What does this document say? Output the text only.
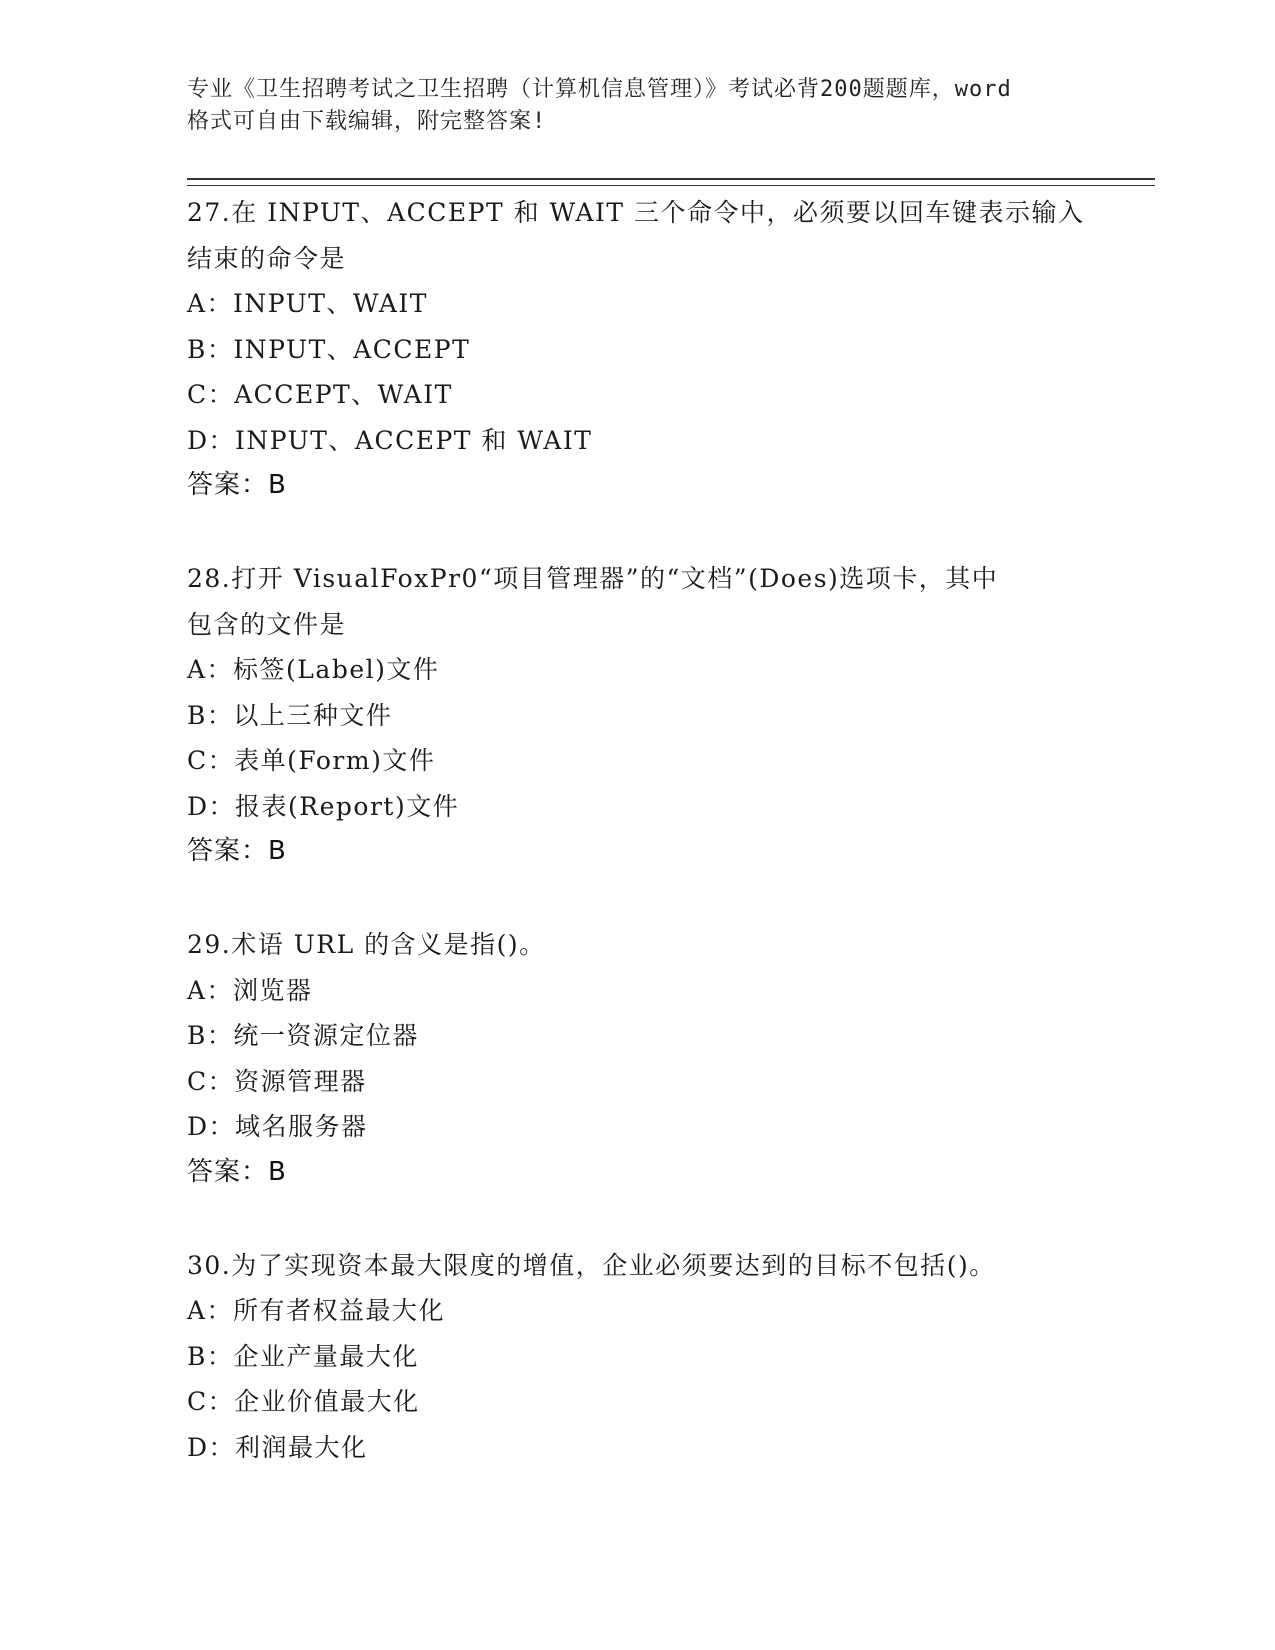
专业《卫生招聘考试之卫生招聘（计算机信息管理）》考试必背200题题库，word
格式可自由下载编辑，附完整答案!
27.在 INPUT、ACCEPT 和 WAIT 三个命令中，必须要以回车键表示输入
结束的命令是
A：INPUT、WAIT
B：INPUT、ACCEPT
C：ACCEPT、WAIT
D：INPUT、ACCEPT 和 WAIT
答案：B
28.打开 VisualFoxPr0“项目管理器”的“文档”(Does)选项卡，其中
包含的文件是
A：标签(Label)文件
B：以上三种文件
C：表单(Form)文件
D：报表(Report)文件
答案：B
29.术语 URL 的含义是指()。
A：浏览器
B：统一资源定位器
C：资源管理器
D：域名服务器
答案：B
30.为了实现资本最大限度的增值，企业必须要达到的目标不包括()。
A：所有者权益最大化
B：企业产量最大化
C：企业价值最大化
D：利润最大化
